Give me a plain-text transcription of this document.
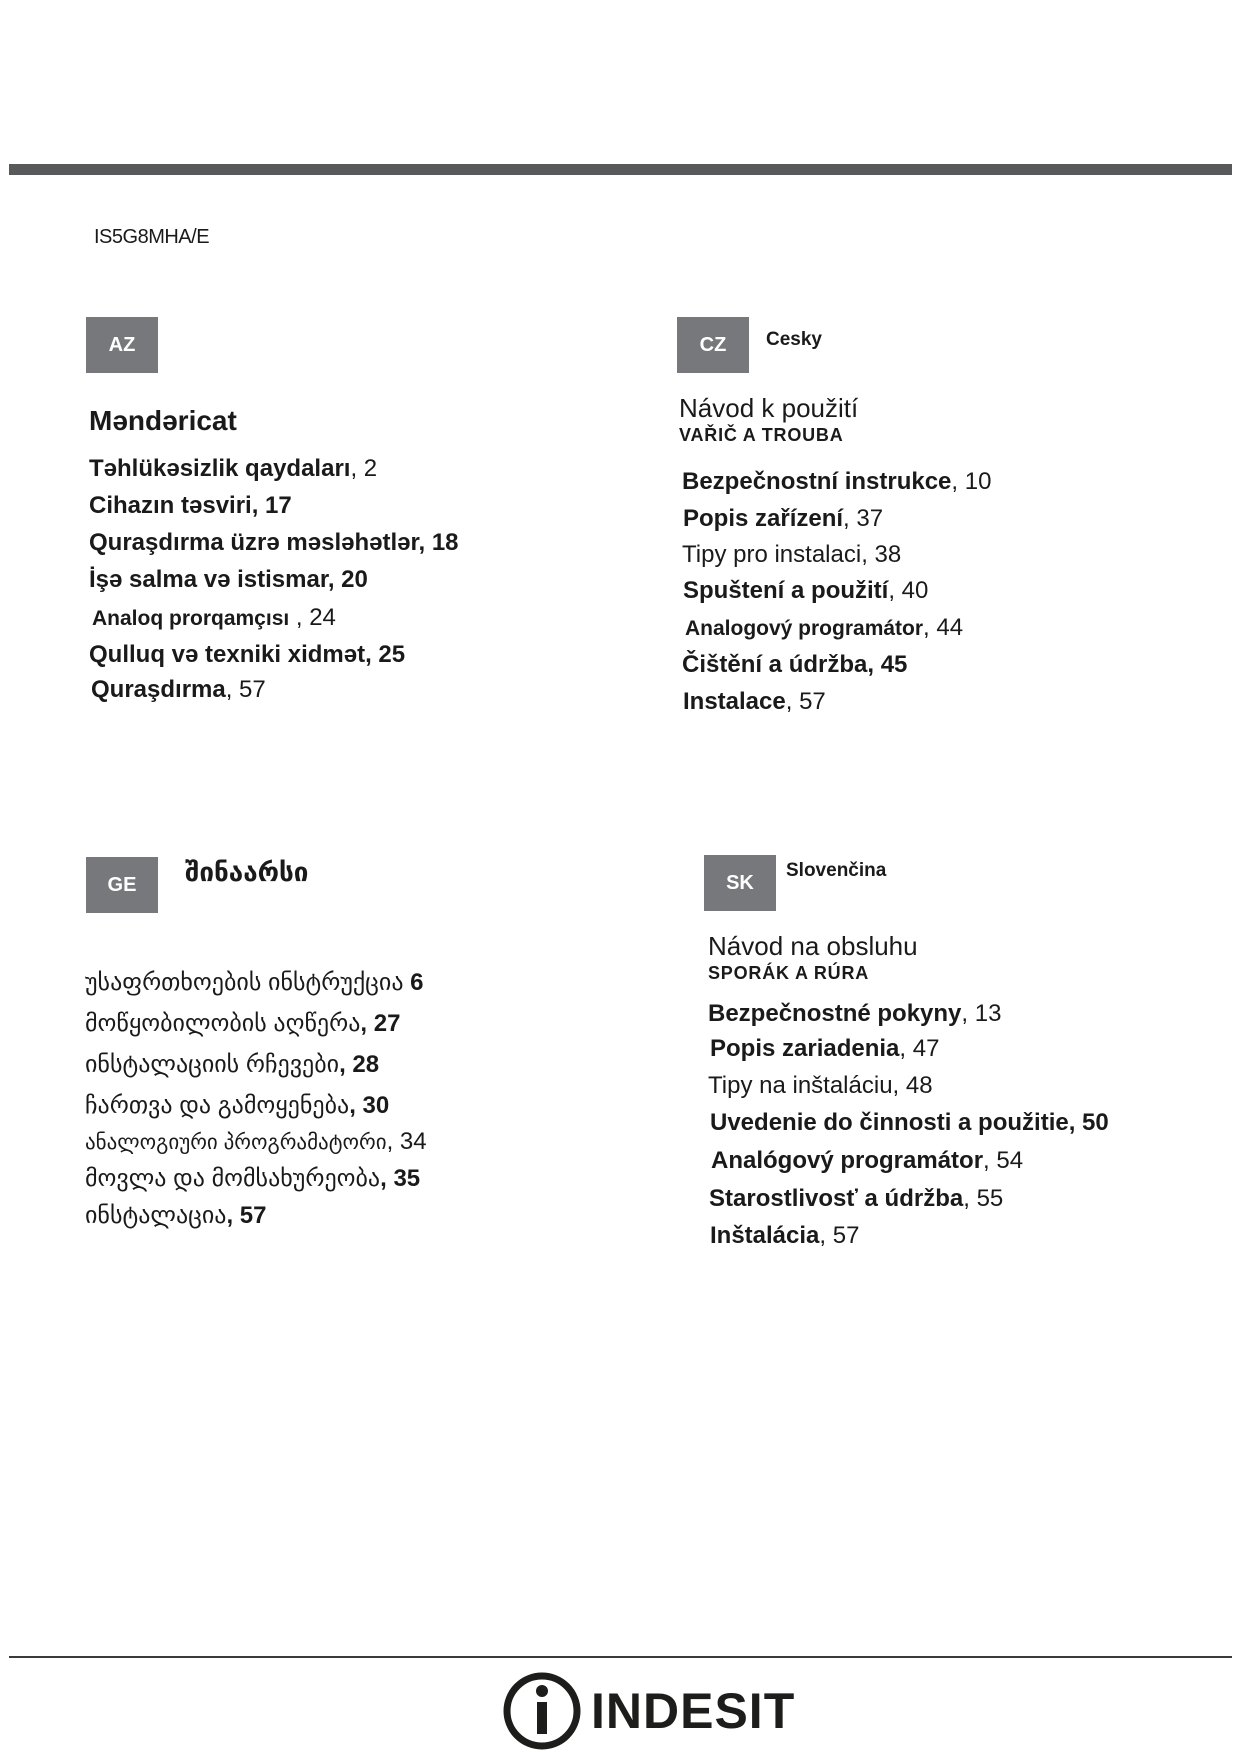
IS5G8MHA/E
AZ
Məndəricat
Təhlükəsizlik qaydaları, 2
Cihazın təsviri, 17
Quraşdırma üzrə məsləhətlər, 18
İşə salma və istismar, 20
Analoq prorqamçısı , 24
Qulluq və texniki xidmət, 25
Quraşdırma, 57
CZ	Cesky
Návod k použití
VAŘIČ A TROUBA
Bezpečnostní instrukce, 10
Popis zařízení, 37
Tipy pro instalaci, 38
Spuštení a použití, 40
Analogový programátor, 44
Čištění a údržba, 45
Instalace, 57
GE	შინაარსი
უსაფრთხოების ინსტრუქცია 6
მოწყობილობის აღწერა, 27
ინსტალაციის რჩევები, 28
ჩართვა და გამოყენება, 30
ანალოგიური პროგრამატორი, 34
მოვლა და მომსახურეობა, 35
ინსტალაცია, 57
SK
Slovenčina
Návod na obsluhu
SPORÁK A RÚRA
Bezpečnostné pokyny, 13
Popis zariadenia, 47
Tipy na inštaláciu, 48
Uvedenie do činnosti a použitie, 50
Analógový programátor, 54
Starostlivosť a údržba, 55
Inštalácia, 57
INDESIT
